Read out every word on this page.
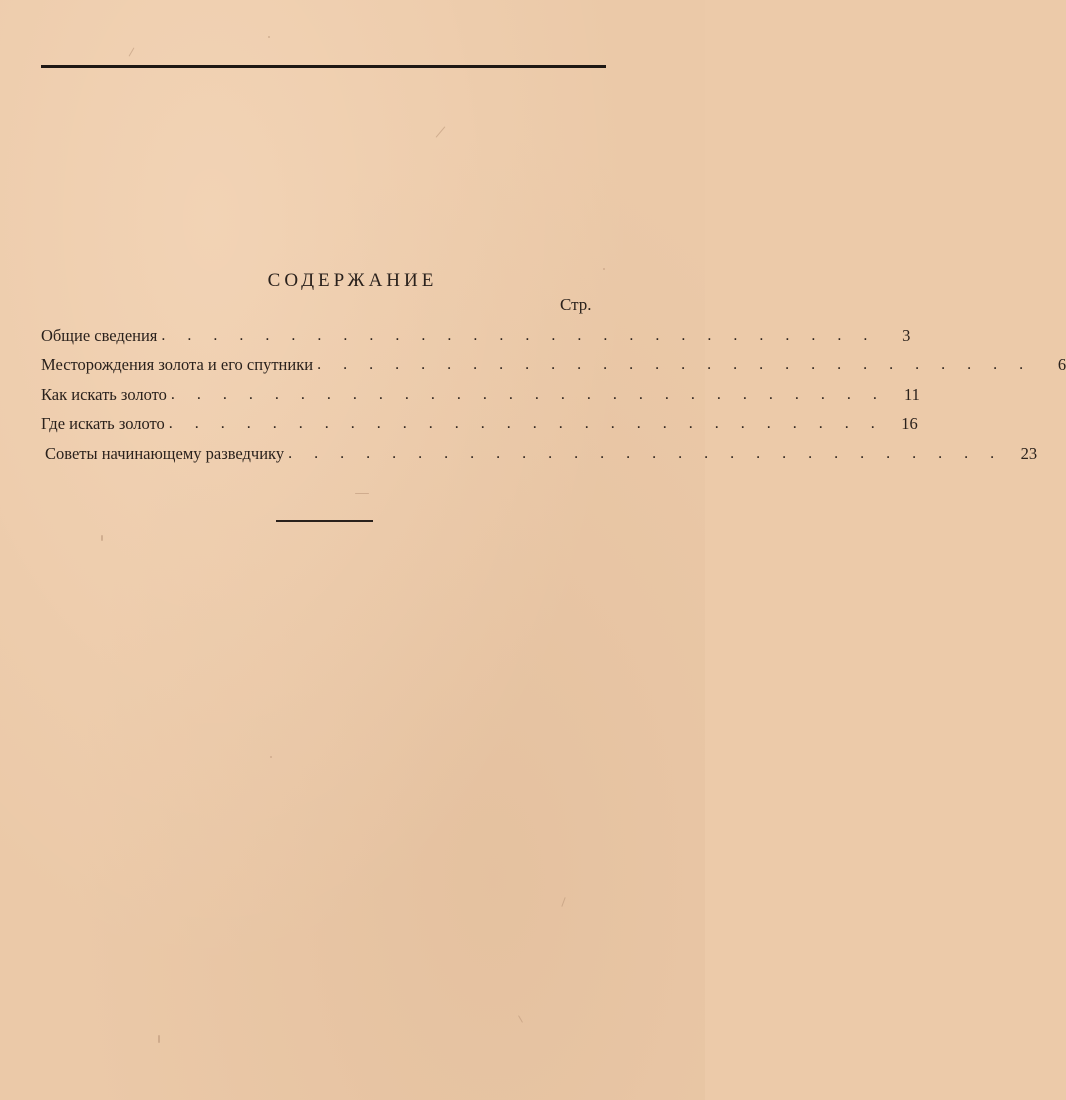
СОДЕРЖАНИЕ
Стр.
Общие сведения . . . . . . . . . . . . . . . . . . . . . . . . . . . .	3
Месторождения золота и его спутники . . . . . . . . . . . . . . . . . . . . . . . . . . . .	6
Как искать золото . . . . . . . . . . . . . . . . . . . . . . . . . . . .	11
Где искать золото . . . . . . . . . . . . . . . . . . . . . . . . . . . .	16
Советы начинающему разведчику . . . . . . . . . . . . . . . . . . . . . . . . . . . .	23
